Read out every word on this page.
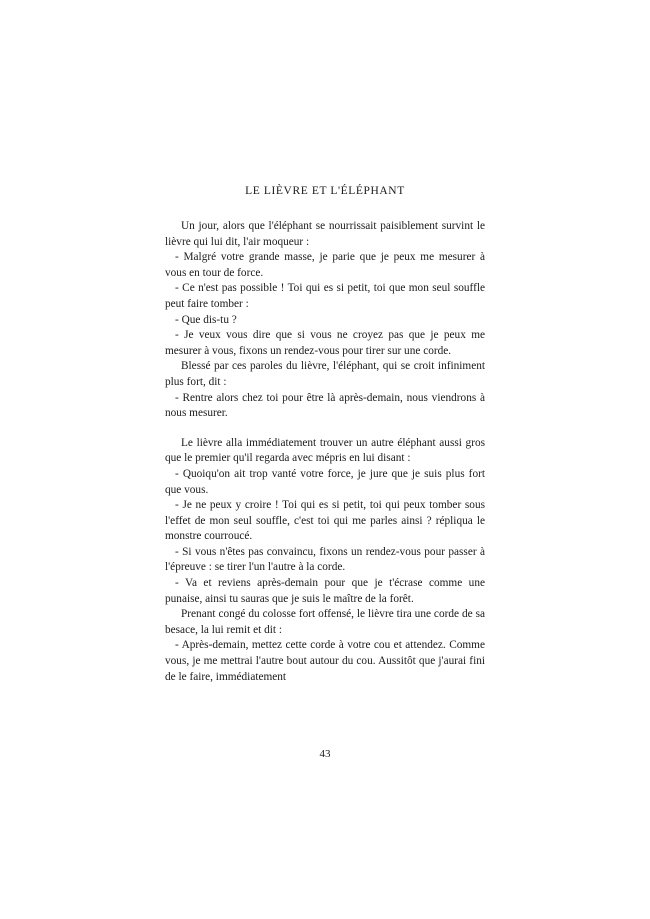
LE LIÈVRE ET L'ÉLÉPHANT

Un jour, alors que l'éléphant se nourrissait paisiblement survint le lièvre qui lui dit, l'air moqueur :

- Malgré votre grande masse, je parie que je peux me mesurer à vous en tour de force.

- Ce n'est pas possible ! Toi qui es si petit, toi que mon seul souffle peut faire tomber :

- Que dis-tu ?

- Je veux vous dire que si vous ne croyez pas que je peux me mesurer à vous, fixons un rendez-vous pour tirer sur une corde.

Blessé par ces paroles du lièvre, l'éléphant, qui se croit infiniment plus fort, dit :

- Rentre alors chez toi pour être là après-demain, nous viendrons à nous mesurer.

Le lièvre alla immédiatement trouver un autre éléphant aussi gros que le premier qu'il regarda avec mépris en lui disant :

- Quoiqu'on ait trop vanté votre force, je jure que je suis plus fort que vous.

- Je ne peux y croire ! Toi qui es si petit, toi qui peux tomber sous l'effet de mon seul souffle, c'est toi qui me parles ainsi ? répliqua le monstre courroucé.

- Si vous n'êtes pas convaincu, fixons un rendez-vous pour passer à l'épreuve : se tirer l'un l'autre à la corde.

- Va et reviens après-demain pour que je t'écrase comme une punaise, ainsi tu sauras que je suis le maître de la forêt.

Prenant congé du colosse fort offensé, le lièvre tira une corde de sa besace, la lui remit et dit :

- Après-demain, mettez cette corde à votre cou et attendez. Comme vous, je me mettrai l'autre bout autour du cou. Aussitôt que j'aurai fini de le faire, immédiatement

43
